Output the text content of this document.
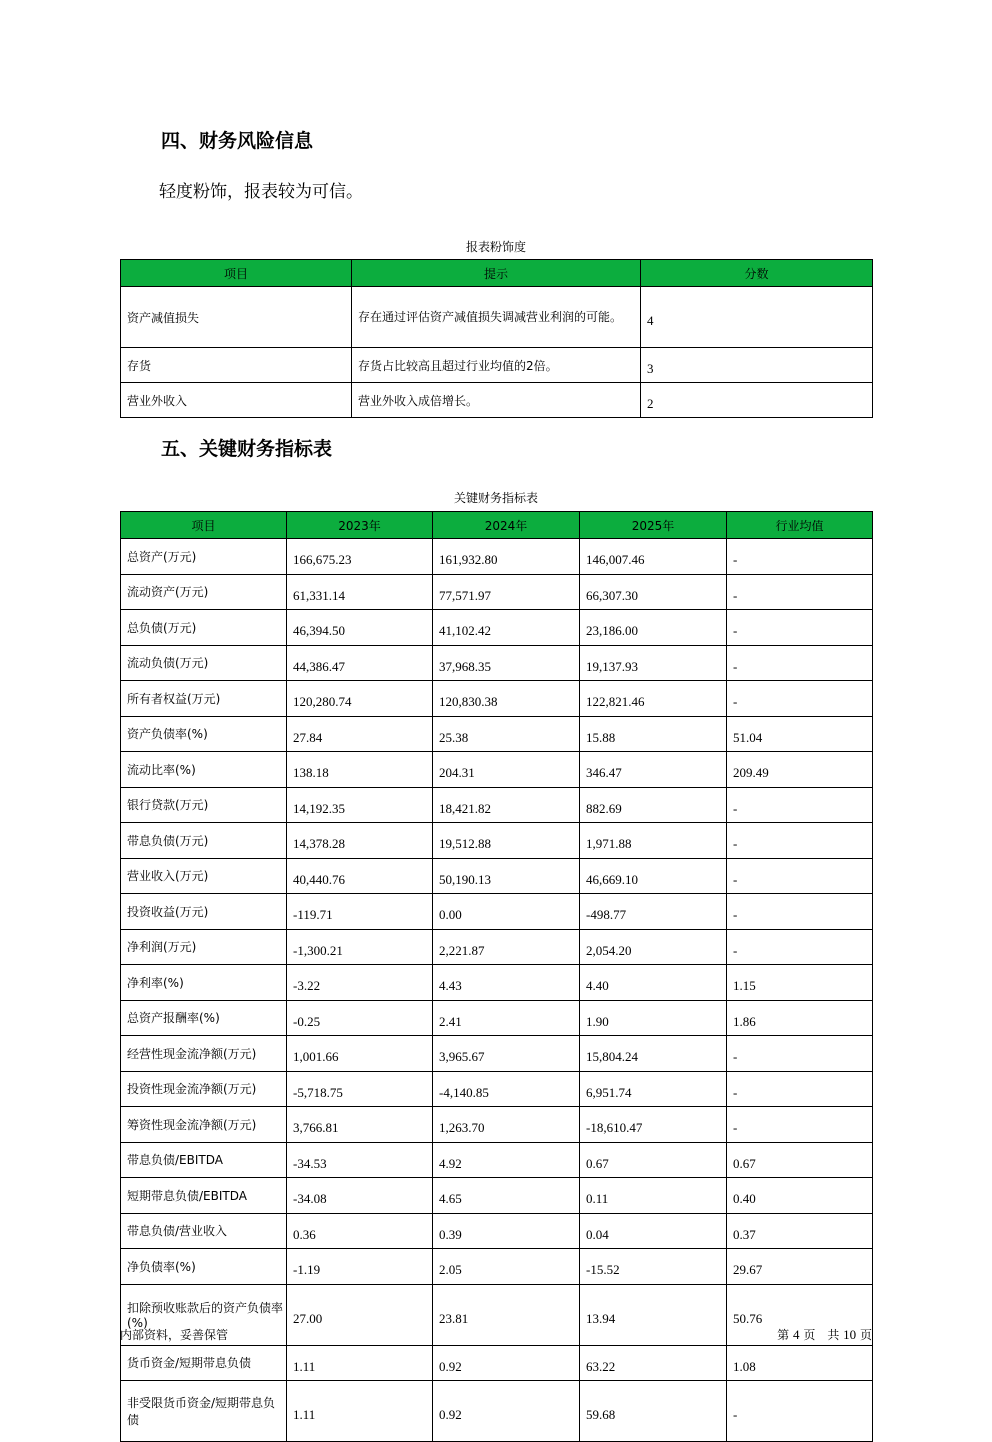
四、财务风险信息

轻度粉饰，报表较为可信。

报表粉饰度
项目	提示	分数
资产减值损失	存在通过评估资产减值损失调减营业利润的可能。	4
存货	存货占比较高且超过行业均值的2倍。	3
营业外收入	营业外收入成倍增长。	2
五、关键财务指标表
关键财务指标表
项目	2023年	2024年	2025年	行业均值
总资产(万元)	166,675.23	161,932.80	146,007.46	-
流动资产(万元)	61,331.14	77,571.97	66,307.30	-
总负债(万元)	46,394.50	41,102.42	23,186.00	-
流动负债(万元)	44,386.47	37,968.35	19,137.93	-
所有者权益(万元)	120,280.74	120,830.38	122,821.46	-
资产负债率(%)	27.84	25.38	15.88	51.04
流动比率(%)	138.18	204.31	346.47	209.49
银行贷款(万元)	14,192.35	18,421.82	882.69	-
带息负债(万元)	14,378.28	19,512.88	1,971.88	-
营业收入(万元)	40,440.76	50,190.13	46,669.10	-
投资收益(万元)	-119.71	0.00	-498.77	-
净利润(万元)	-1,300.21	2,221.87	2,054.20	-
净利率(%)	-3.22	4.43	4.40	1.15
总资产报酬率(%)	-0.25	2.41	1.90	1.86
经营性现金流净额(万元)	1,001.66	3,965.67	15,804.24	-
投资性现金流净额(万元)	-5,718.75	-4,140.85	6,951.74	-
筹资性现金流净额(万元)	3,766.81	1,263.70	-18,610.47	-
带息负债/EBITDA	-34.53	4.92	0.67	0.67
短期带息负债/EBITDA	-34.08	4.65	0.11	0.40
带息负债/营业收入	0.36	0.39	0.04	0.37
净负债率(%)	-1.19	2.05	-15.52	29.67
扣除预收账款后的资产负债率(%)	27.00	23.81	13.94	50.76
货币资金/短期带息负债	1.11	0.92	63.22	1.08
非受限货币资金/短期带息负债	1.11	0.92	59.68	-
内部资料，妥善保管	第 4 页　共 10 页
